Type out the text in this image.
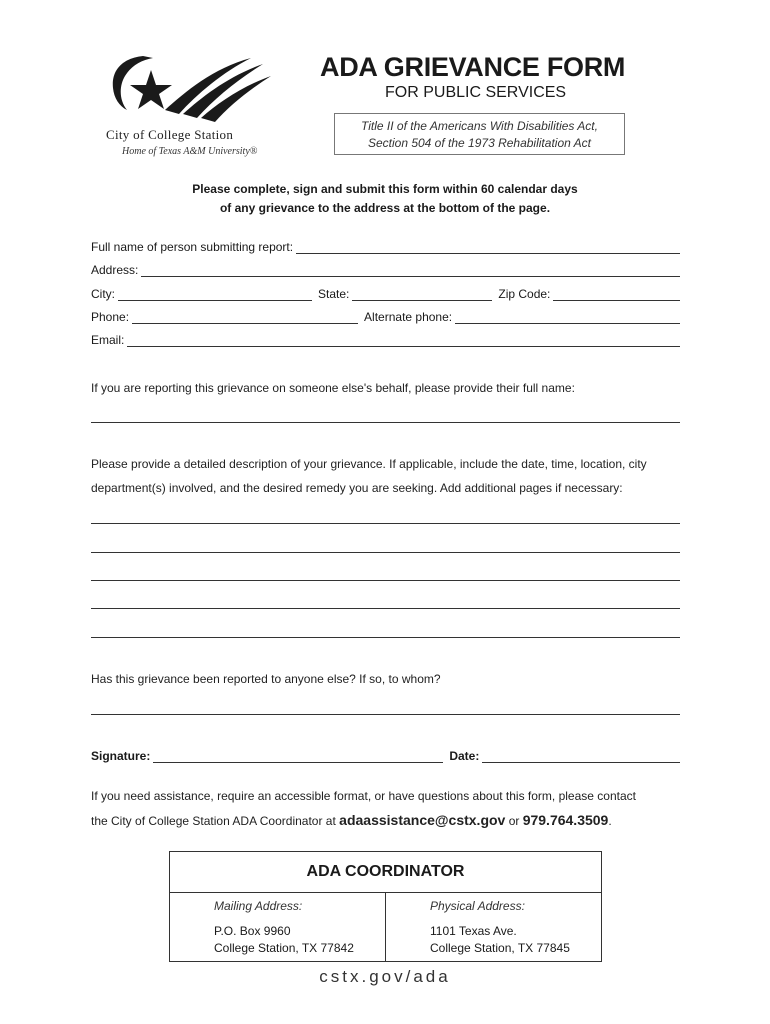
City of College Station
Home of Texas A&M University®
ADA GRIEVANCE FORM
FOR PUBLIC SERVICES
Title II of the Americans With Disabilities Act,
Section 504 of the 1973 Rehabilitation Act
Please complete, sign and submit this form within 60 calendar days
of any grievance to the address at the bottom of the page.
Full name of person submitting report:
Address:
City:	State:	Zip Code:
Phone:	Alternate phone:
Email:
If you are reporting this grievance on someone else's behalf, please provide their full name:
Please provide a detailed description of your grievance. If applicable, include the date, time, location, city
department(s) involved, and the desired remedy you are seeking. Add additional pages if necessary:
Has this grievance been reported to anyone else? If so, to whom?
Signature:	Date:
If you need assistance, require an accessible format, or have questions about this form, please contact
the City of College Station ADA Coordinator at adaassistance@cstx.gov or 979.764.3509.
ADA COORDINATOR
Mailing Address:
P.O. Box 9960
College Station, TX 77842
Physical Address:
1101 Texas Ave.
College Station, TX 77845
cstx.gov/ada
